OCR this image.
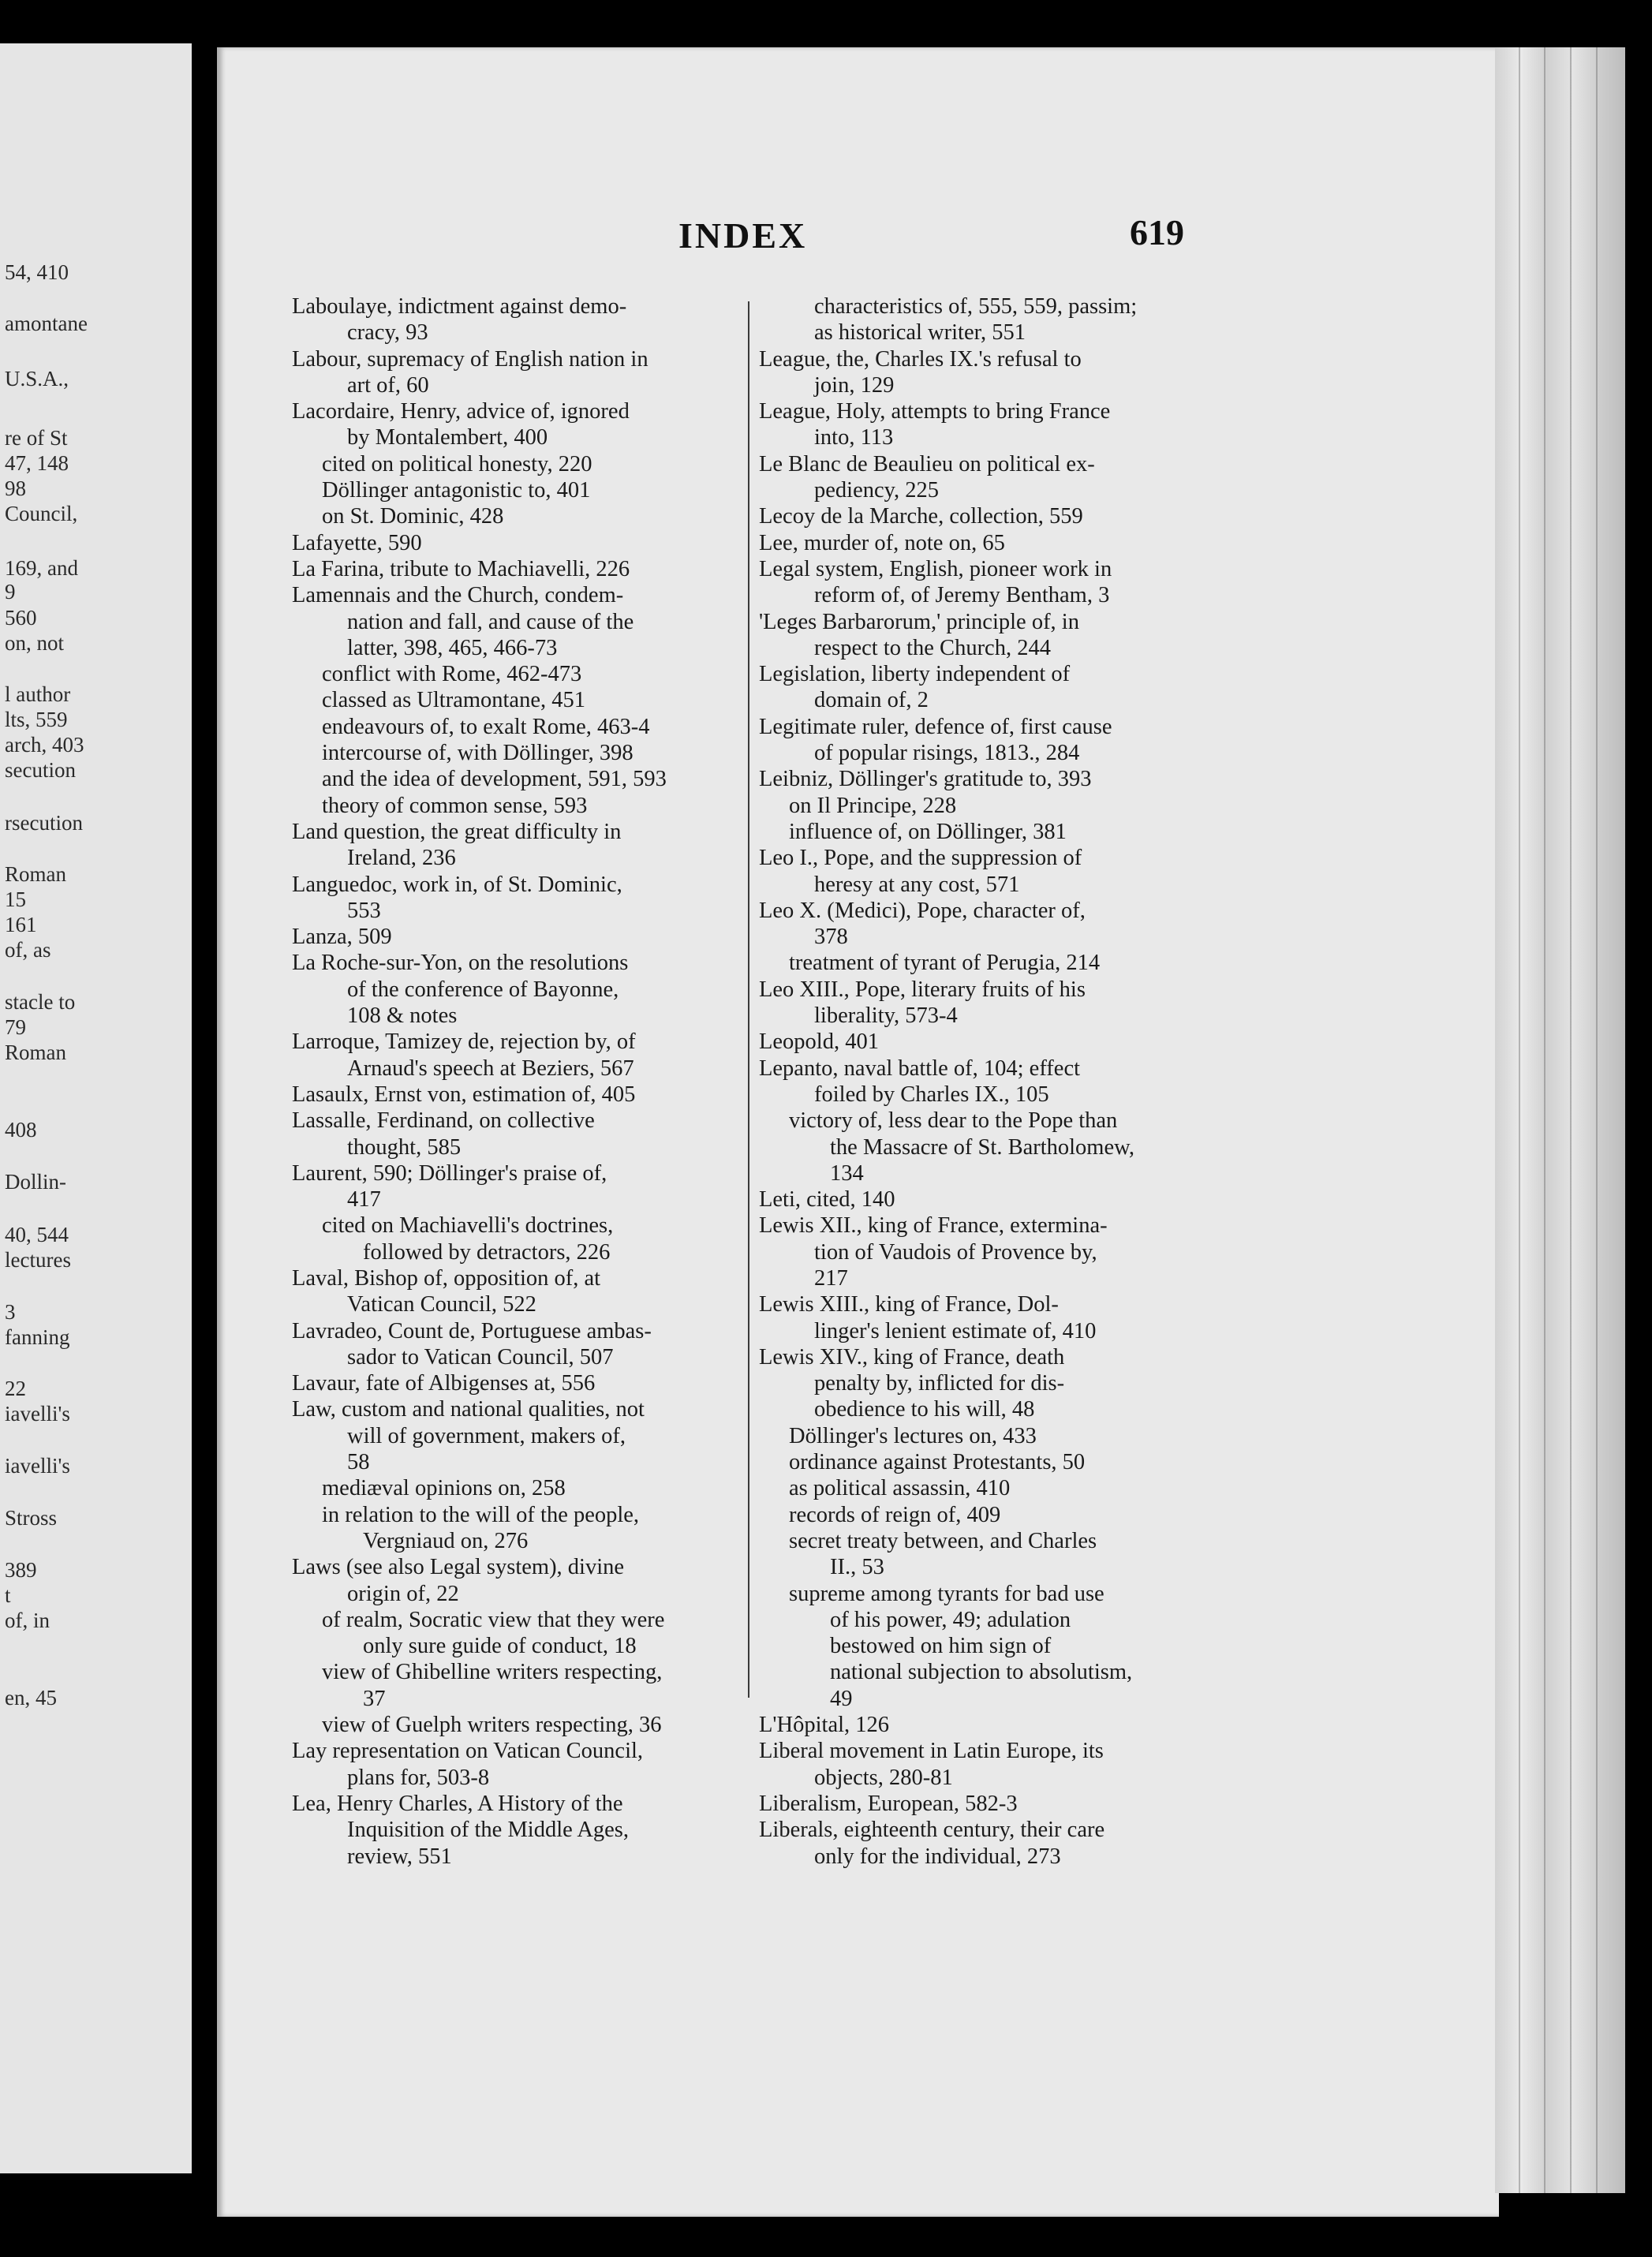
54, 410
amontane
U.S.A.,
re of St
47, 148
98
Council,
169, and
9
560
on, not
l author
lts, 559
arch, 403
secution
rsecution
Roman
15
161
of, as
stacle to
79
Roman
408
Dollin-
40, 544
lectures
3
fanning
22
iavelli's
iavelli's
Stross
389
t
of, in
en, 45
INDEX	619
Laboulaye, indictment against demo-
cracy, 93
Labour, supremacy of English nation in
art of, 60
Lacordaire, Henry, advice of, ignored
by Montalembert, 400
cited on political honesty, 220
Döllinger antagonistic to, 401
on St. Dominic, 428
Lafayette, 590
La Farina, tribute to Machiavelli, 226
Lamennais and the Church, condem-
nation and fall, and cause of the
latter, 398, 465, 466-73
conflict with Rome, 462-473
classed as Ultramontane, 451
endeavours of, to exalt Rome, 463-4
intercourse of, with Döllinger, 398
and the idea of development, 591, 593
theory of common sense, 593
Land question, the great difficulty in
Ireland, 236
Languedoc, work in, of St. Dominic,
553
Lanza, 509
La Roche-sur-Yon, on the resolutions
of the conference of Bayonne,
108 & notes
Larroque, Tamizey de, rejection by, of
Arnaud's speech at Beziers, 567
Lasaulx, Ernst von, estimation of, 405
Lassalle, Ferdinand, on collective
thought, 585
Laurent, 590; Döllinger's praise of,
417
cited on Machiavelli's doctrines,
followed by detractors, 226
Laval, Bishop of, opposition of, at
Vatican Council, 522
Lavradeo, Count de, Portuguese ambas-
sador to Vatican Council, 507
Lavaur, fate of Albigenses at, 556
Law, custom and national qualities, not
will of government, makers of,
58
mediæval opinions on, 258
in relation to the will of the people,
Vergniaud on, 276
Laws (see also Legal system), divine
origin of, 22
of realm, Socratic view that they were
only sure guide of conduct, 18
view of Ghibelline writers respecting,
37
view of Guelph writers respecting, 36
Lay representation on Vatican Council,
plans for, 503-8
Lea, Henry Charles, A History of the
Inquisition of the Middle Ages,
review, 551
characteristics of, 555, 559, passim;
as historical writer, 551
League, the, Charles IX.'s refusal to
join, 129
League, Holy, attempts to bring France
into, 113
Le Blanc de Beaulieu on political ex-
pediency, 225
Lecoy de la Marche, collection, 559
Lee, murder of, note on, 65
Legal system, English, pioneer work in
reform of, of Jeremy Bentham, 3
'Leges Barbarorum,' principle of, in
respect to the Church, 244
Legislation, liberty independent of
domain of, 2
Legitimate ruler, defence of, first cause
of popular risings, 1813., 284
Leibniz, Döllinger's gratitude to, 393
on Il Principe, 228
influence of, on Döllinger, 381
Leo I., Pope, and the suppression of
heresy at any cost, 571
Leo X. (Medici), Pope, character of,
378
treatment of tyrant of Perugia, 214
Leo XIII., Pope, literary fruits of his
liberality, 573-4
Leopold, 401
Lepanto, naval battle of, 104; effect
foiled by Charles IX., 105
victory of, less dear to the Pope than
the Massacre of St. Bartholomew,
134
Leti, cited, 140
Lewis XII., king of France, extermina-
tion of Vaudois of Provence by,
217
Lewis XIII., king of France, Dol-
linger's lenient estimate of, 410
Lewis XIV., king of France, death
penalty by, inflicted for dis-
obedience to his will, 48
Döllinger's lectures on, 433
ordinance against Protestants, 50
as political assassin, 410
records of reign of, 409
secret treaty between, and Charles
II., 53
supreme among tyrants for bad use
of his power, 49; adulation
bestowed on him sign of
national subjection to absolutism,
49
L'Hôpital, 126
Liberal movement in Latin Europe, its
objects, 280-81
Liberalism, European, 582-3
Liberals, eighteenth century, their care
only for the individual, 273
